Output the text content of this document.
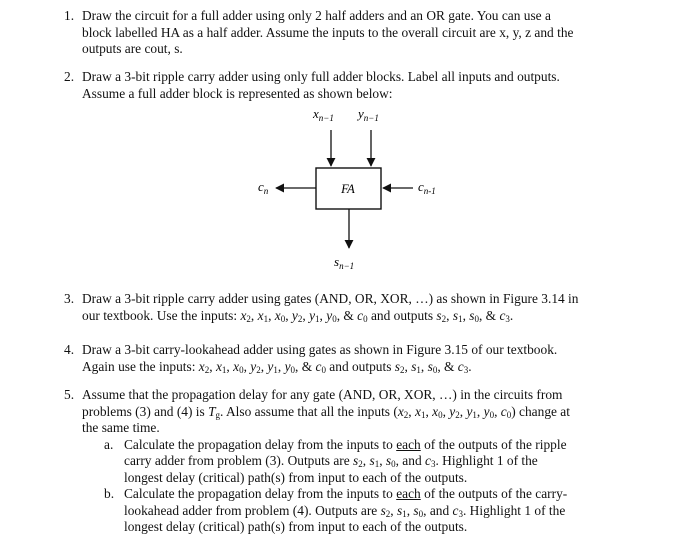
1. Draw the circuit for a full adder using only 2 half adders and an OR gate. You can use a
block labelled HA as a half adder. Assume the inputs to the overall circuit are x, y, z and the
outputs are cout, s.
2. Draw a 3-bit ripple carry adder using only full adder blocks. Label all inputs and outputs.
Assume a full adder block is represented as shown below:
$x_{n-1}$ $y_{n-1}$
FA
$c_n$	$c_{n-1}$
$s_{n-1}$
3. Draw a 3-bit ripple carry adder using gates (AND, OR, XOR, …) as shown in Figure 3.14 in
our textbook. Use the inputs: $x_2$, $x_1$, $x_0$, $y_2$, $y_1$, $y_0$, & $c_0$ and outputs $s_2$, $s_1$, $s_0$, & $c_3$.
4. Draw a 3-bit carry-lookahead adder using gates as shown in Figure 3.15 of our textbook.
Again use the inputs: $x_2$, $x_1$, $x_0$, $y_2$, $y_1$, $y_0$, & $c_0$ and outputs $s_2$, $s_1$, $s_0$, & $c_3$.
5. Assume that the propagation delay for any gate (AND, OR, XOR, …) in the circuits from
problems (3) and (4) is $T_g$. Also assume that all the inputs ($x_2$, $x_1$, $x_0$, $y_2$, $y_1$, $y_0$, $c_0$) change at
the same time.
a. Calculate the propagation delay from the inputs to each of the outputs of the ripple
carry adder from problem (3). Outputs are $s_2$, $s_1$, $s_0$, and $c_3$. Highlight 1 of the
longest delay (critical) path(s) from input to each of the outputs.
b. Calculate the propagation delay from the inputs to each of the outputs of the carry-
lookahead adder from problem (4). Outputs are $s_2$, $s_1$, $s_0$, and $c_3$. Highlight 1 of the
longest delay (critical) path(s) from input to each of the outputs.
